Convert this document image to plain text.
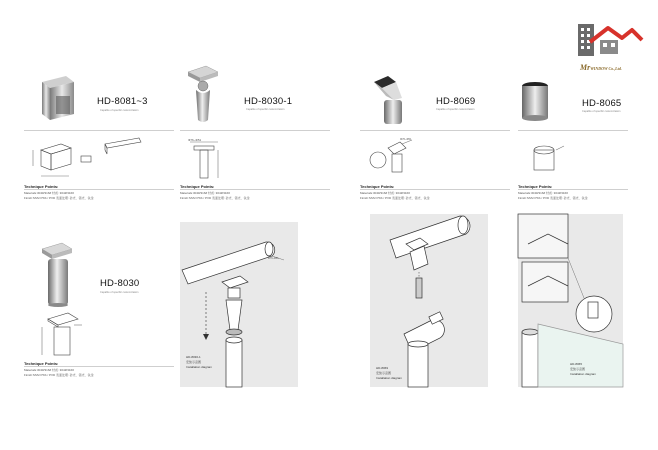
MrWINDOW Co.,Ltd.
HD-8081~3
Capable of specific customization
Technique Points:
Materials:304#/316# 材质: 304#/316#
Finish:SSS/ PSS / PVD 表面处理: 砂光、镜光、钛金
HD-8030
Capable of specific customization
Technique Points:
Materials:304#/316# 材质: 304#/316#
Finish:SSS/ PSS / PVD 表面处理: 砂光、镜光、钛金
HD-8030-1
Capable of specific customization
Φ76~Φ51
Technique Points:
Materials:304#/316# 材质: 304#/316#
Finish:SSS/ PSS / PVD 表面处理: 砂光、镜光、钛金
Φ76~Φ51
HD-8030-1
安装示意图
Installation diagram
HD-8069
Capable of specific customization
Φ76~Φ51
Technique Points:
Materials:304#/316# 材质: 304#/316#
Finish:SSS/ PSS / PVD 表面处理: 砂光、镜光、钛金
HD-8069
安装示意图
Installation diagram
HD-8065
Capable of specific customization
Technique Points:
Materials:304#/316# 材质: 304#/316#
Finish:SSS/ PSS / PVD 表面处理: 砂光、镜光、钛金
HD-8065
安装示意图
Installation diagram
